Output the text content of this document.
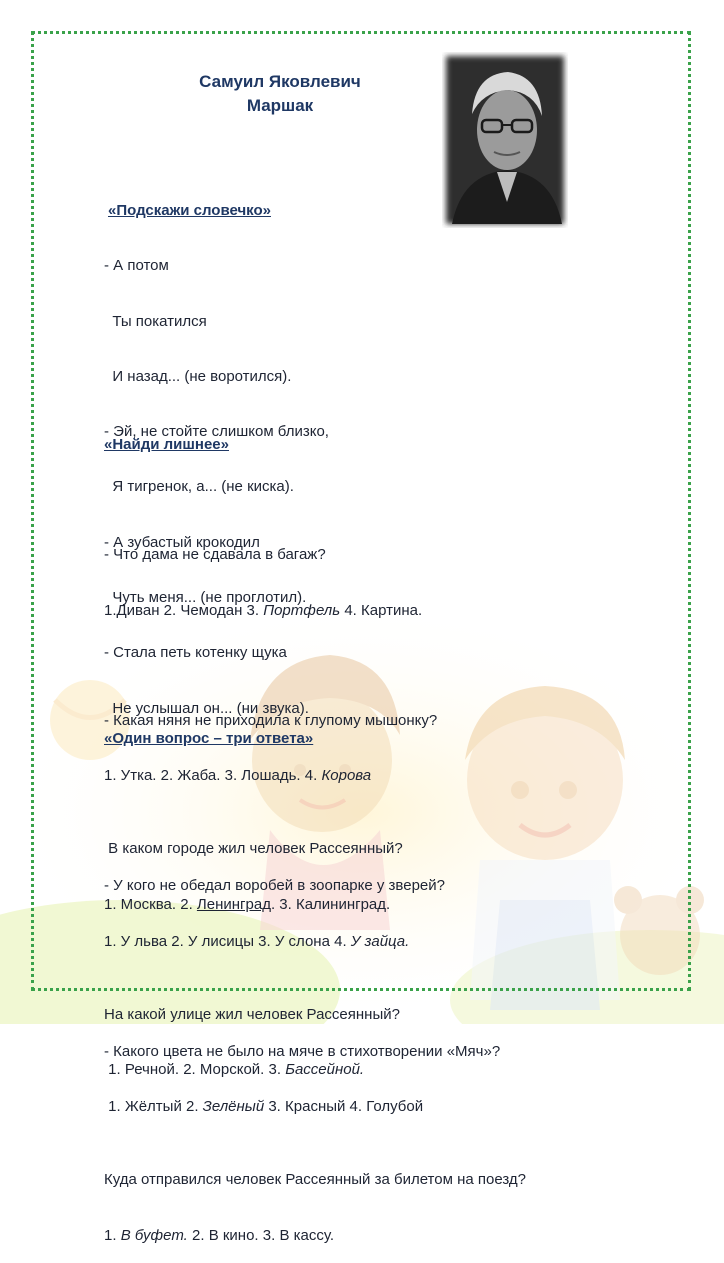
Самуил Яковлевич
Маршак

«Подскажи словечко»

- А потом

Ты покатился

И назад... (не воротился).

- Эй, не стойте слишком близко,

Я тигренок, а... (не киска).

- А зубастый крокодил

Чуть меня... (не проглотил).

- Стала петь котенку щука

Не услышал он... (ни звука).

«Найди лишнее»

- Что дама не сдавала в багаж?

1.Диван 2. Чемодан 3. Портфель 4. Картина.

- Какая няня не приходила к глупому мышонку?

1. Утка. 2. Жаба. 3. Лошадь. 4. Корова

- У кого не обедал воробей в зоопарке у зверей?

1. У льва 2. У лисицы 3. У слона 4. У зайца.

- Какого цвета не было на мяче в стихотворении «Мяч»?

1. Жёлтый 2. Зелёный 3. Красный 4. Голубой

«Один вопрос – три ответа»

В каком городе жил человек Рассеянный?

1. Москва. 2. Ленинград. 3. Калининград.

На какой улице жил человек Рассеянный?

1. Речной. 2. Морской. 3. Бассейной.

Куда отправился человек Рассеянный за билетом на поезд?

1. В буфет. 2. В кино. 3. В кассу.
